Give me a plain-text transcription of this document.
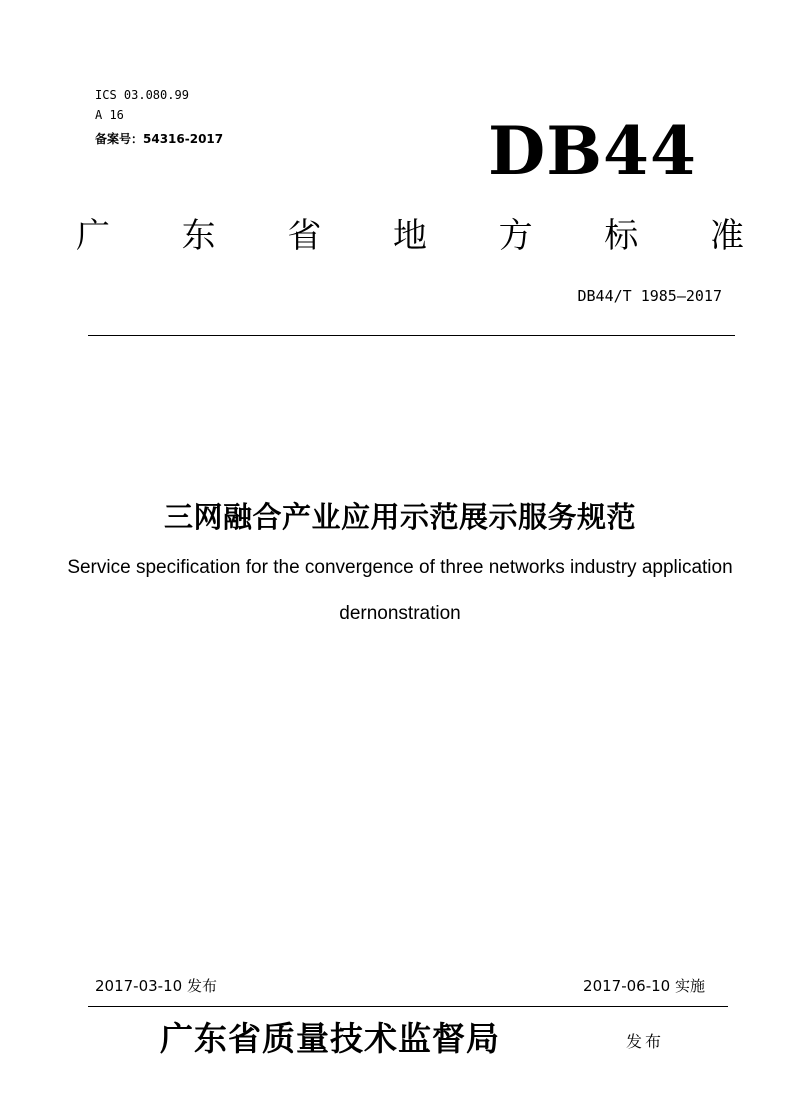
ICS 03.080.99
A 16
备案号：54316-2017	DB44
广 东 省 地 方 标 准
DB44/T 1985—2017
三网融合产业应用示范展示服务规范
Service specification for the convergence of three networks industry application
dernonstration
2017-03-10 发布	2017-06-10 实施
广东省质量技术监督局	发布
